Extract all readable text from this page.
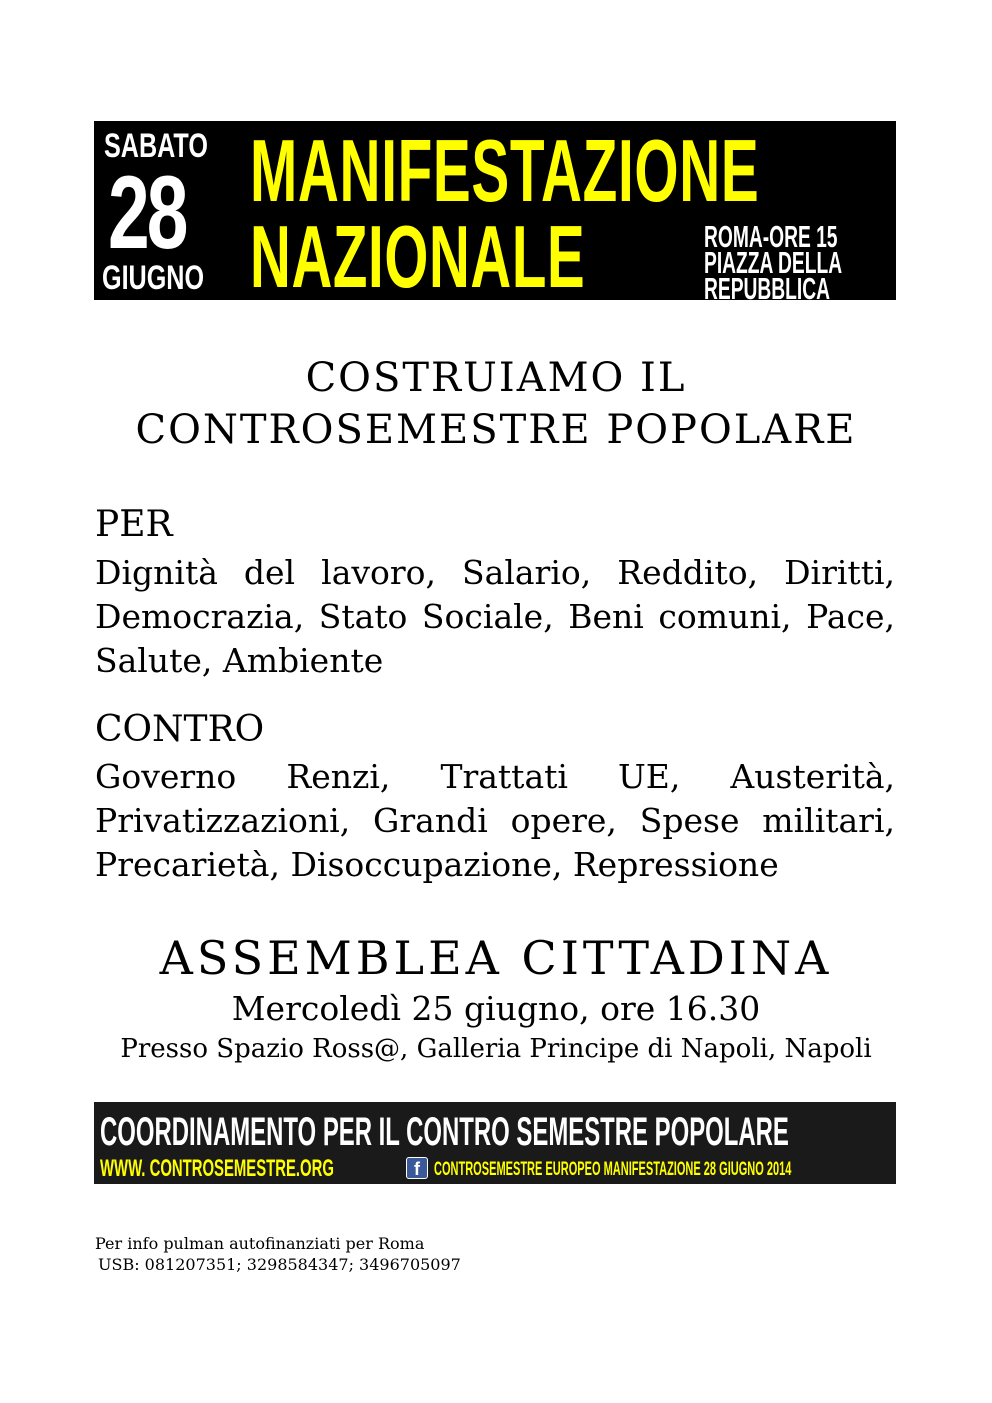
SABATO
28
GIUGNO
MANIFESTAZIONE
NAZIONALE	ROMA-ORE 15
PIAZZA DELLA
REPUBBLICA
COSTRUIAMO IL
CONTROSEMESTRE POPOLARE
PER
Dignità del lavoro, Salario, Reddito, Diritti,
Democrazia, Stato Sociale, Beni comuni, Pace,
Salute, Ambiente
CONTRO
Governo Renzi, Trattati UE, Austerità,
Privatizzazioni, Grandi opere, Spese militari,
Precarietà, Disoccupazione, Repressione
ASSEMBLEA CITTADINA
Mercoledì 25 giugno, ore 16.30
Presso Spazio Ross@, Galleria Principe di Napoli, Napoli
COORDINAMENTO PER IL CONTRO SEMESTRE POPOLARE
WWW. CONTROSEMESTRE.ORG	f CONTROSEMESTRE EUROPEO MANIFESTAZIONE 28 GIUGNO 2014
Per info pulman autofinanziati per Roma
USB: 081207351; 3298584347; 3496705097
